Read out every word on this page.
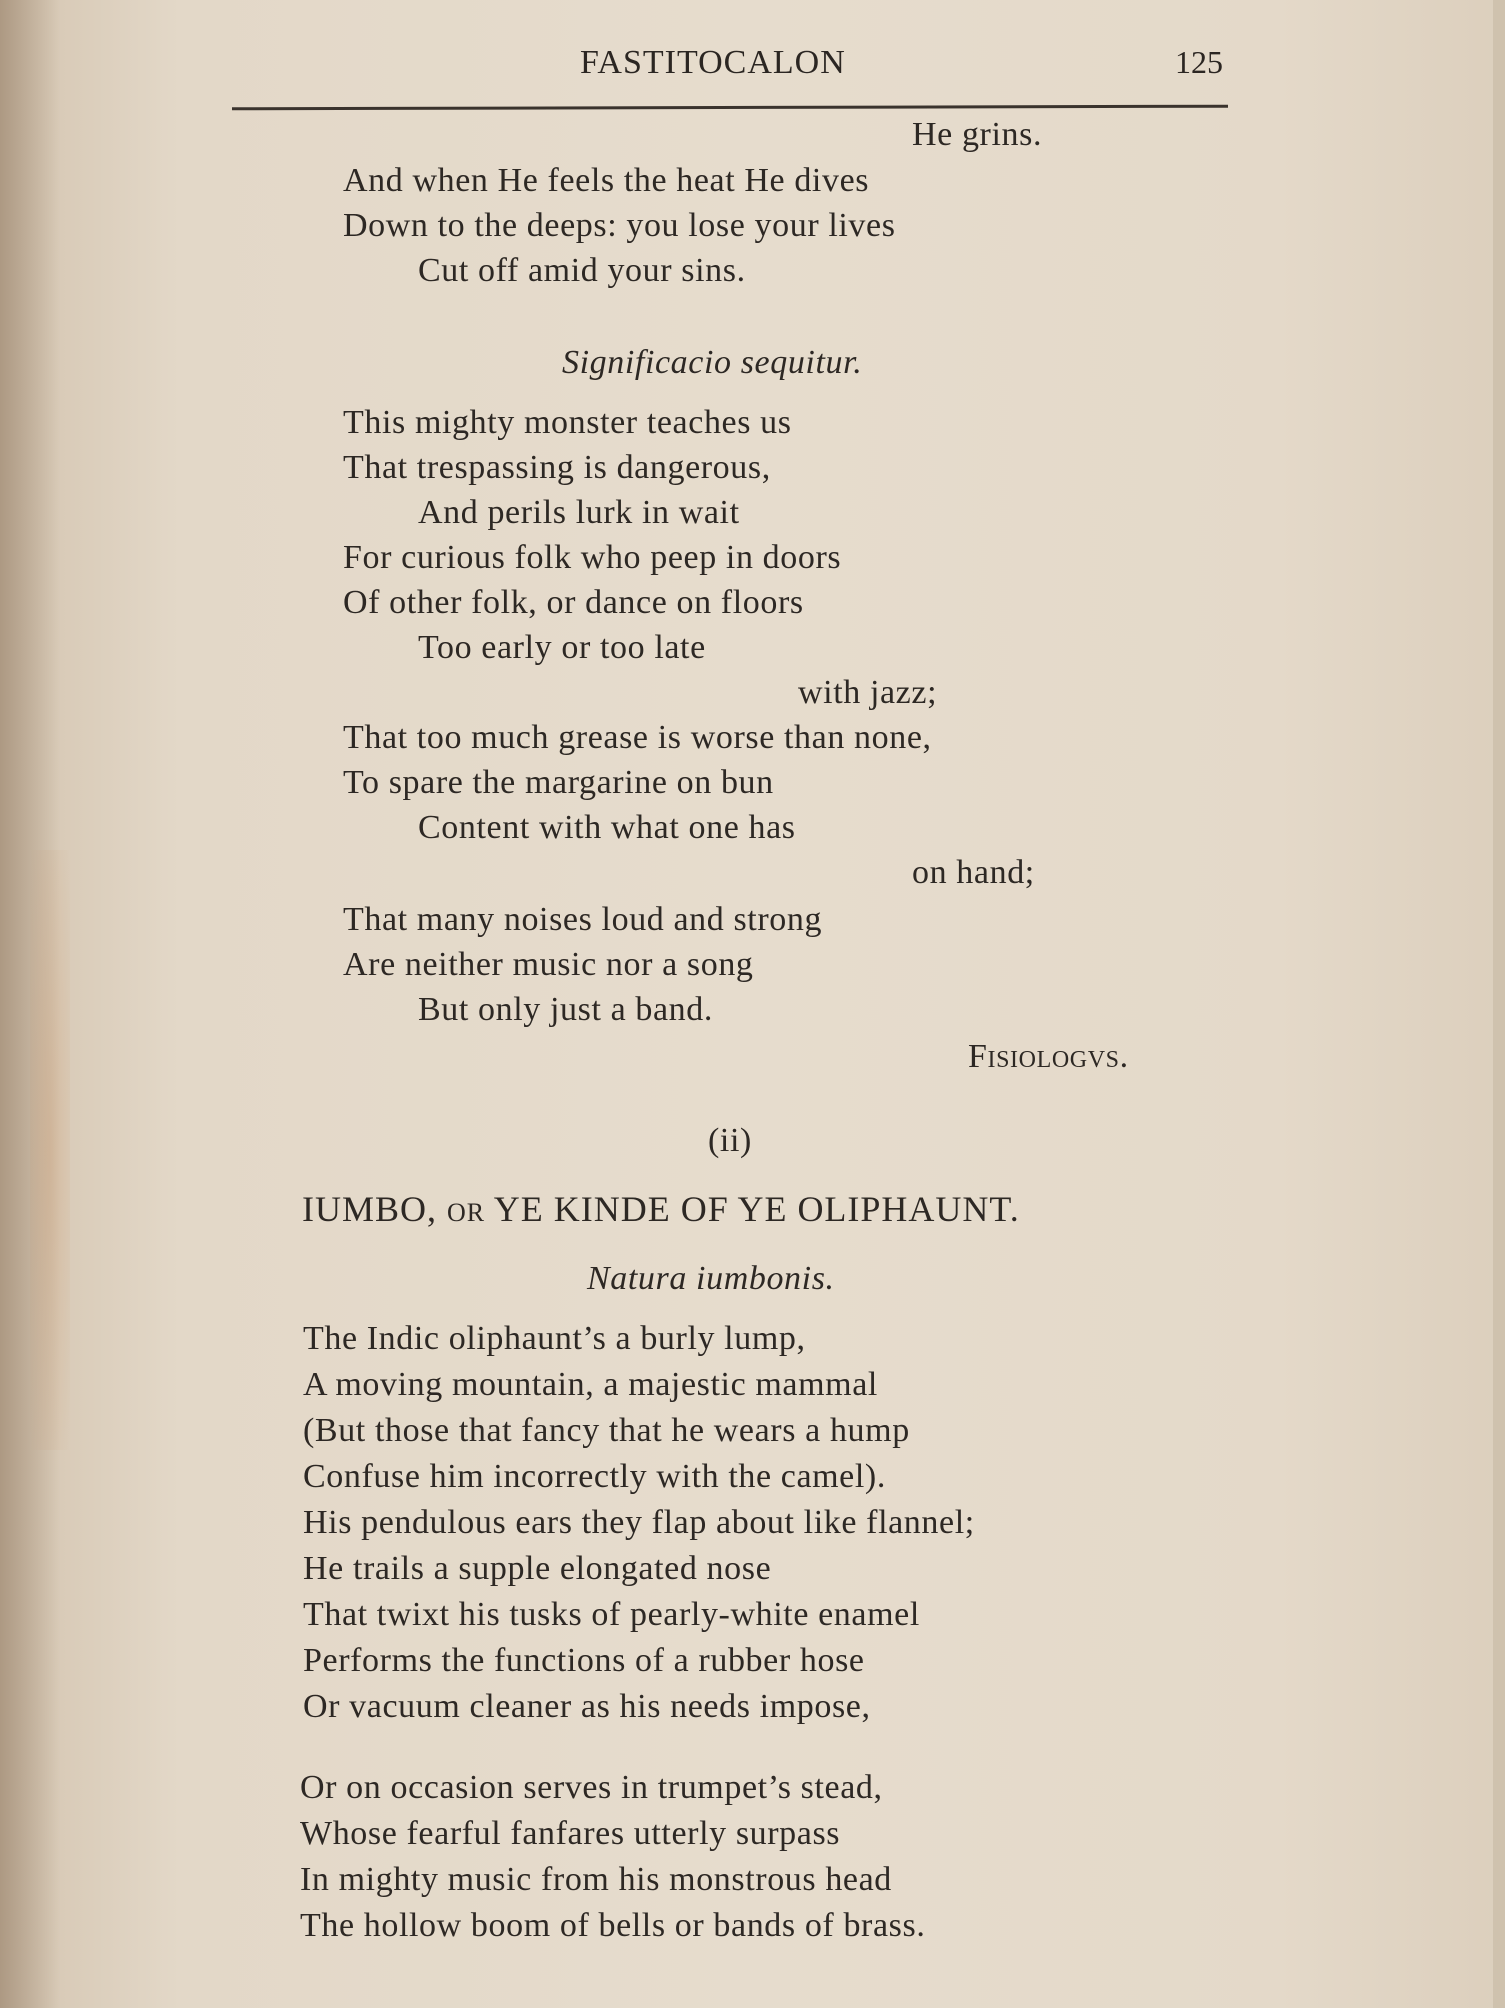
FASTITOCALON	125
He grins.
And when He feels the heat He dives
Down to the deeps: you lose your lives
Cut off amid your sins.
Significacio sequitur.
This mighty monster teaches us
That trespassing is dangerous,
And perils lurk in wait
For curious folk who peep in doors
Of other folk, or dance on floors
Too early or too late
with jazz;
That too much grease is worse than none,
To spare the margarine on bun
Content with what one has
on hand;
That many noises loud and strong
Are neither music nor a song
But only just a band.
Fisiologvs.
(ii)
IUMBO, OR YE KINDE OF YE OLIPHAUNT.
Natura iumbonis.
The Indic oliphaunt’s a burly lump,
A moving mountain, a majestic mammal
(But those that fancy that he wears a hump
Confuse him incorrectly with the camel).
His pendulous ears they flap about like flannel;
He trails a supple elongated nose
That twixt his tusks of pearly-white enamel
Performs the functions of a rubber hose
Or vacuum cleaner as his needs impose,
Or on occasion serves in trumpet’s stead,
Whose fearful fanfares utterly surpass
In mighty music from his monstrous head
The hollow boom of bells or bands of brass.
